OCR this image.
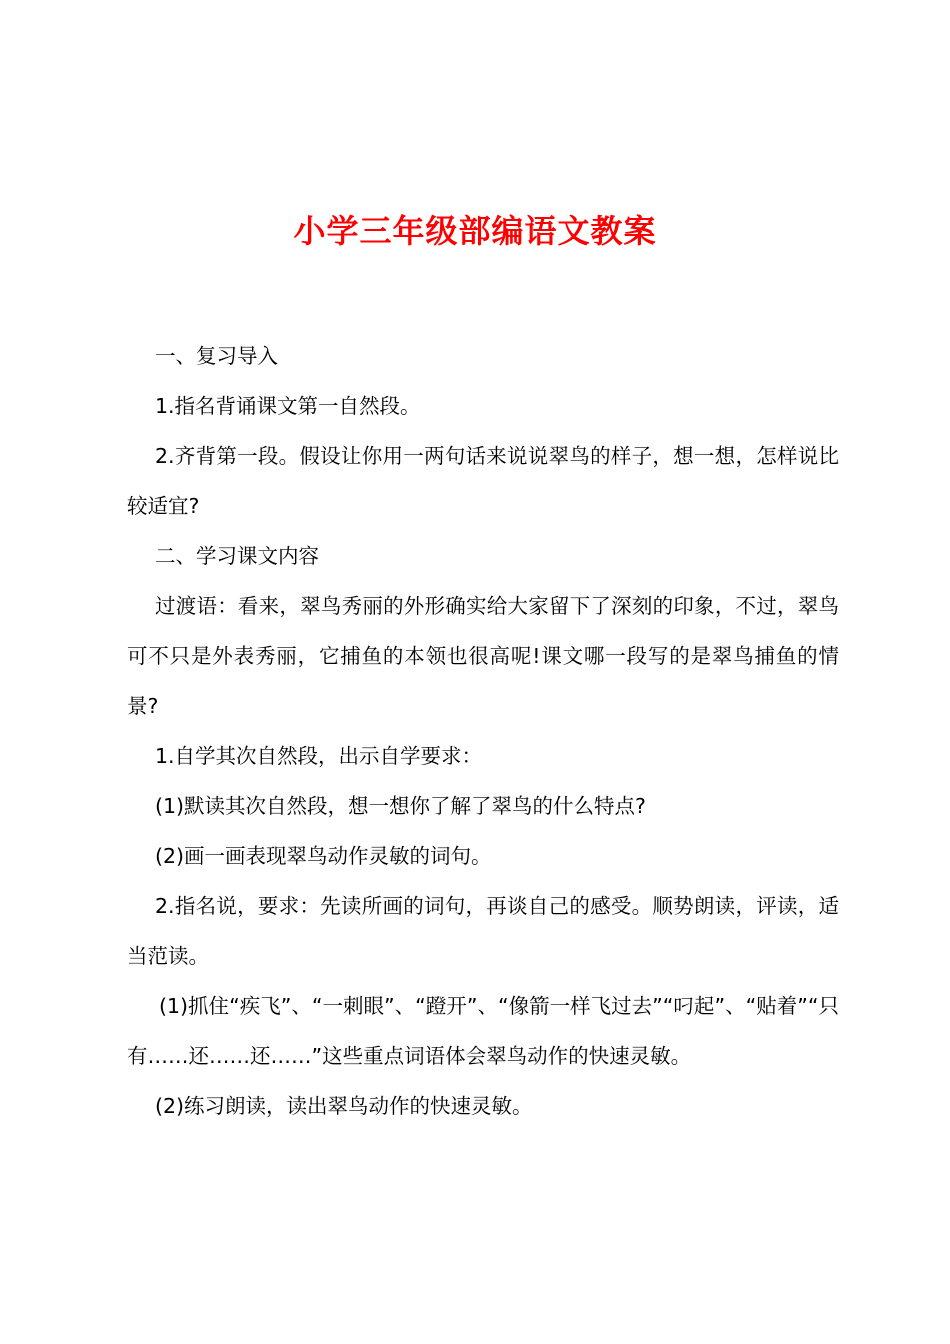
小学三年级部编语文教案

一、复习导入

1.指名背诵课文第一自然段。

2.齐背第一段。假设让你用一两句话来说说翠鸟的样子，想一想，怎样说比较适宜?

二、学习课文内容

过渡语：看来，翠鸟秀丽的外形确实给大家留下了深刻的印象，不过，翠鸟可不只是外表秀丽，它捕鱼的本领也很高呢!课文哪一段写的是翠鸟捕鱼的情景?

1.自学其次自然段，出示自学要求：

(1)默读其次自然段，想一想你了解了翠鸟的什么特点?

(2)画一画表现翠鸟动作灵敏的词句。

2.指名说，要求：先读所画的词句，再谈自己的感受。顺势朗读，评读，适当范读。

(1)抓住“疾飞”、“一刺眼”、“蹬开”、“像箭一样飞过去”“叼起”、“贴着”“只有……还……还……”这些重点词语体会翠鸟动作的快速灵敏。

(2)练习朗读，读出翠鸟动作的快速灵敏。
